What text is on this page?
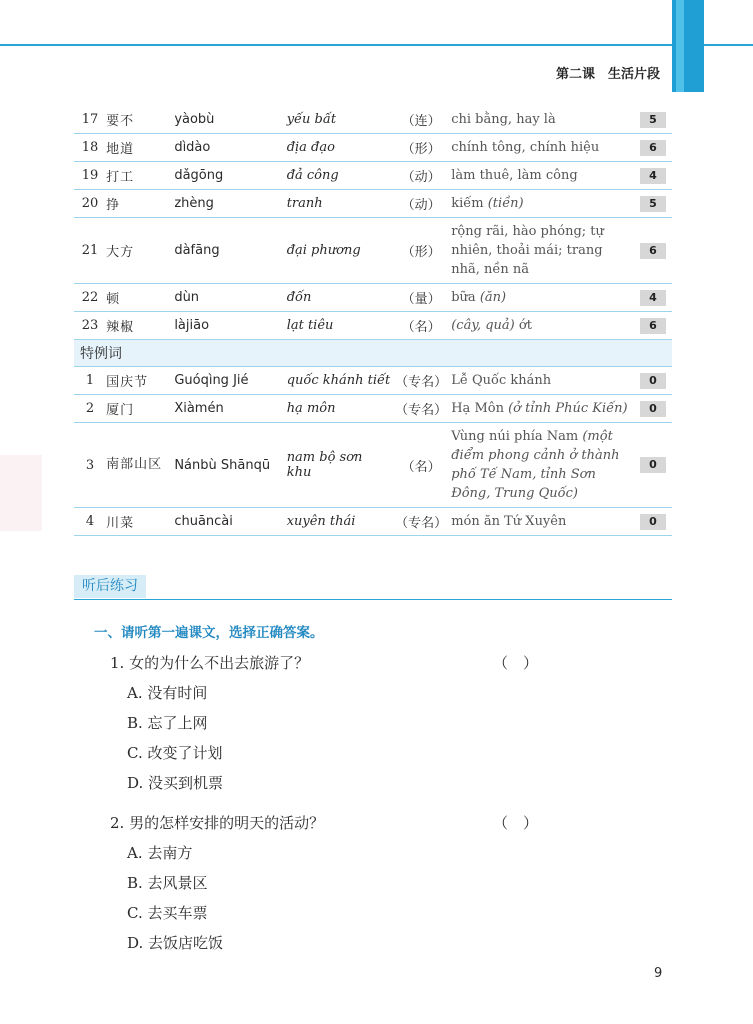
第二课　生活片段
17	要不	yàobù	yếu bất	（连）	chi bằng, hay là	5
18	地道	dìdào	địa đạo	（形）	chính tông, chính hiệu	6
19	打工	dǎgōng	đả công	（动）	làm thuê, làm công	4
20	挣	zhèng	tranh	（动）	kiếm (tiền)	5
21	大方	dàfāng	đại phương	（形）	rộng rãi, hào phóng; tự nhiên, thoải mái; trang nhã, nền nã	6
22	顿	dùn	đốn	（量）	bữa (ăn)	4
23	辣椒	làjiāo	lạt tiêu	（名）	(cây, quả) ớt	6
特例词						
1	国庆节	Guóqìng Jié	quốc khánh tiết	（专名）	Lễ Quốc khánh	0
2	厦门	Xiàmén	hạ môn	（专名）	Hạ Môn (ở tỉnh Phúc Kiến)	0
3	南部山区	Nánbù Shānqū	nam bộ sơn khu	（名）	Vùng núi phía Nam (một điểm phong cảnh ở thành phố Tế Nam, tỉnh Sơn Đông, Trung Quốc)	0
4	川菜	chuāncài	xuyên thái	（专名）	món ăn Tứ Xuyên	0
听后练习
一、请听第一遍课文，选择正确答案。
1. 女的为什么不出去旅游了？	（　）
A. 没有时间
B. 忘了上网
C. 改变了计划
D. 没买到机票
2. 男的怎样安排的明天的活动？	（　）
A. 去南方
B. 去风景区
C. 去买车票
D. 去饭店吃饭
9
